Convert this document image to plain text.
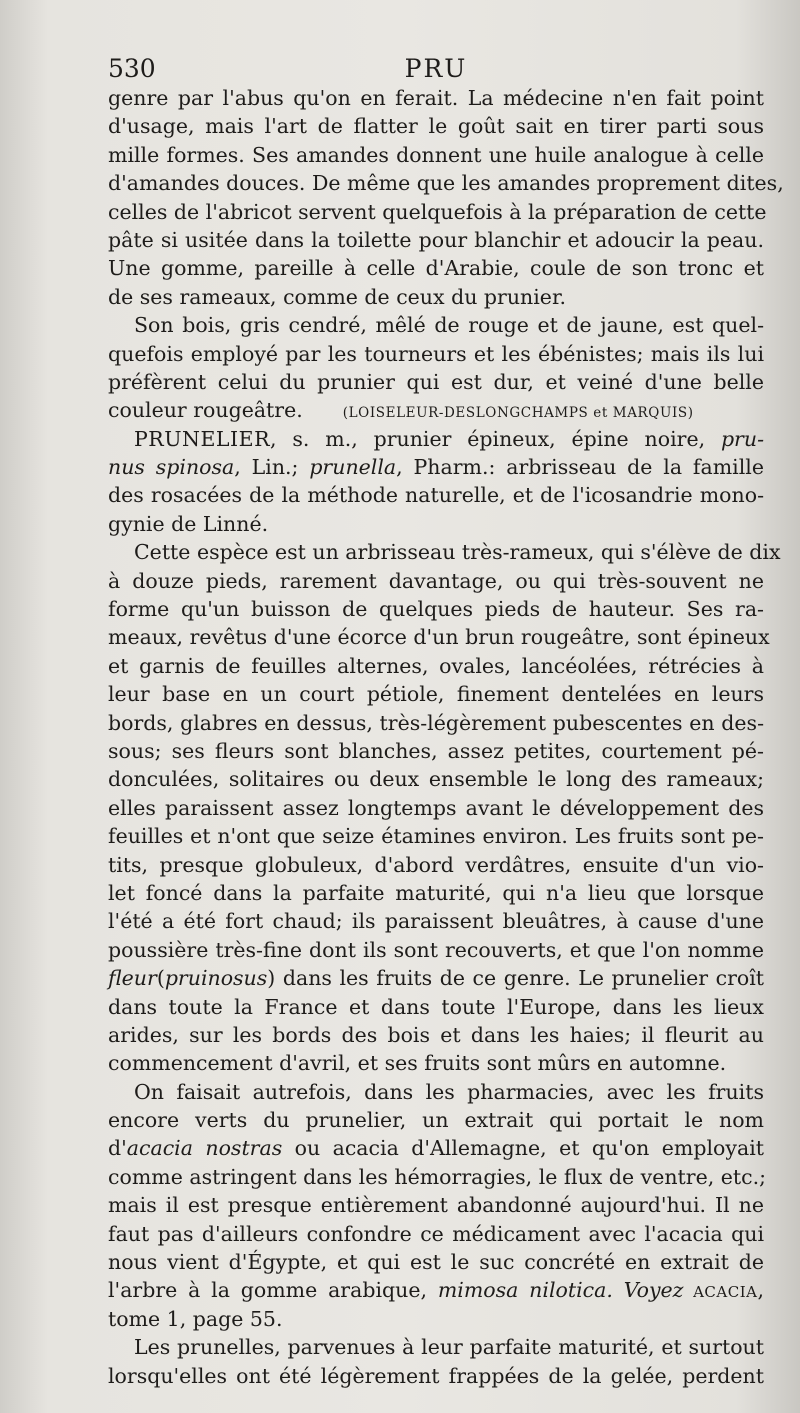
530	PRU
genre par l'abus qu'on en ferait. La médecine n'en fait point
d'usage, mais l'art de flatter le goût sait en tirer parti sous
mille formes. Ses amandes donnent une huile analogue à celle
d'amandes douces. De même que les amandes proprement dites,
celles de l'abricot servent quelquefois à la préparation de cette
pâte si usitée dans la toilette pour blanchir et adoucir la peau.
Une gomme, pareille à celle d'Arabie, coule de son tronc et
de ses rameaux, comme de ceux du prunier.
Son bois, gris cendré, mêlé de rouge et de jaune, est quel-
quefois employé par les tourneurs et les ébénistes; mais ils lui
préfèrent celui du prunier qui est dur, et veiné d'une belle
couleur rougeâtre.	(LOISELEUR-DESLONGCHAMPS et MARQUIS)
PRUNELIER, s. m., prunier épineux, épine noire, pru-
nus spinosa, Lin.; prunella, Pharm.: arbrisseau de la famille
des rosacées de la méthode naturelle, et de l'icosandrie mono-
gynie de Linné.
Cette espèce est un arbrisseau très-rameux, qui s'élève de dix
à douze pieds, rarement davantage, ou qui très-souvent ne
forme qu'un buisson de quelques pieds de hauteur. Ses ra-
meaux, revêtus d'une écorce d'un brun rougeâtre, sont épineux
et garnis de feuilles alternes, ovales, lancéolées, rétrécies à
leur base en un court pétiole, finement dentelées en leurs
bords, glabres en dessus, très-légèrement pubescentes en des-
sous; ses fleurs sont blanches, assez petites, courtement pé-
donculées, solitaires ou deux ensemble le long des rameaux;
elles paraissent assez longtemps avant le développement des
feuilles et n'ont que seize étamines environ. Les fruits sont pe-
tits, presque globuleux, d'abord verdâtres, ensuite d'un vio-
let foncé dans la parfaite maturité, qui n'a lieu que lorsque
l'été a été fort chaud; ils paraissent bleuâtres, à cause d'une
poussière très-fine dont ils sont recouverts, et que l'on nomme
fleur(pruinosus) dans les fruits de ce genre. Le prunelier croît
dans toute la France et dans toute l'Europe, dans les lieux
arides, sur les bords des bois et dans les haies; il fleurit au
commencement d'avril, et ses fruits sont mûrs en automne.
On faisait autrefois, dans les pharmacies, avec les fruits
encore verts du prunelier, un extrait qui portait le nom
d'acacia nostras ou acacia d'Allemagne, et qu'on employait
comme astringent dans les hémorragies, le flux de ventre, etc.;
mais il est presque entièrement abandonné aujourd'hui. Il ne
faut pas d'ailleurs confondre ce médicament avec l'acacia qui
nous vient d'Égypte, et qui est le suc concrété en extrait de
l'arbre à la gomme arabique, mimosa nilotica. Voyez ACACIA,
tome 1, page 55.
Les prunelles, parvenues à leur parfaite maturité, et surtout
lorsqu'elles ont été légèrement frappées de la gelée, perdent
